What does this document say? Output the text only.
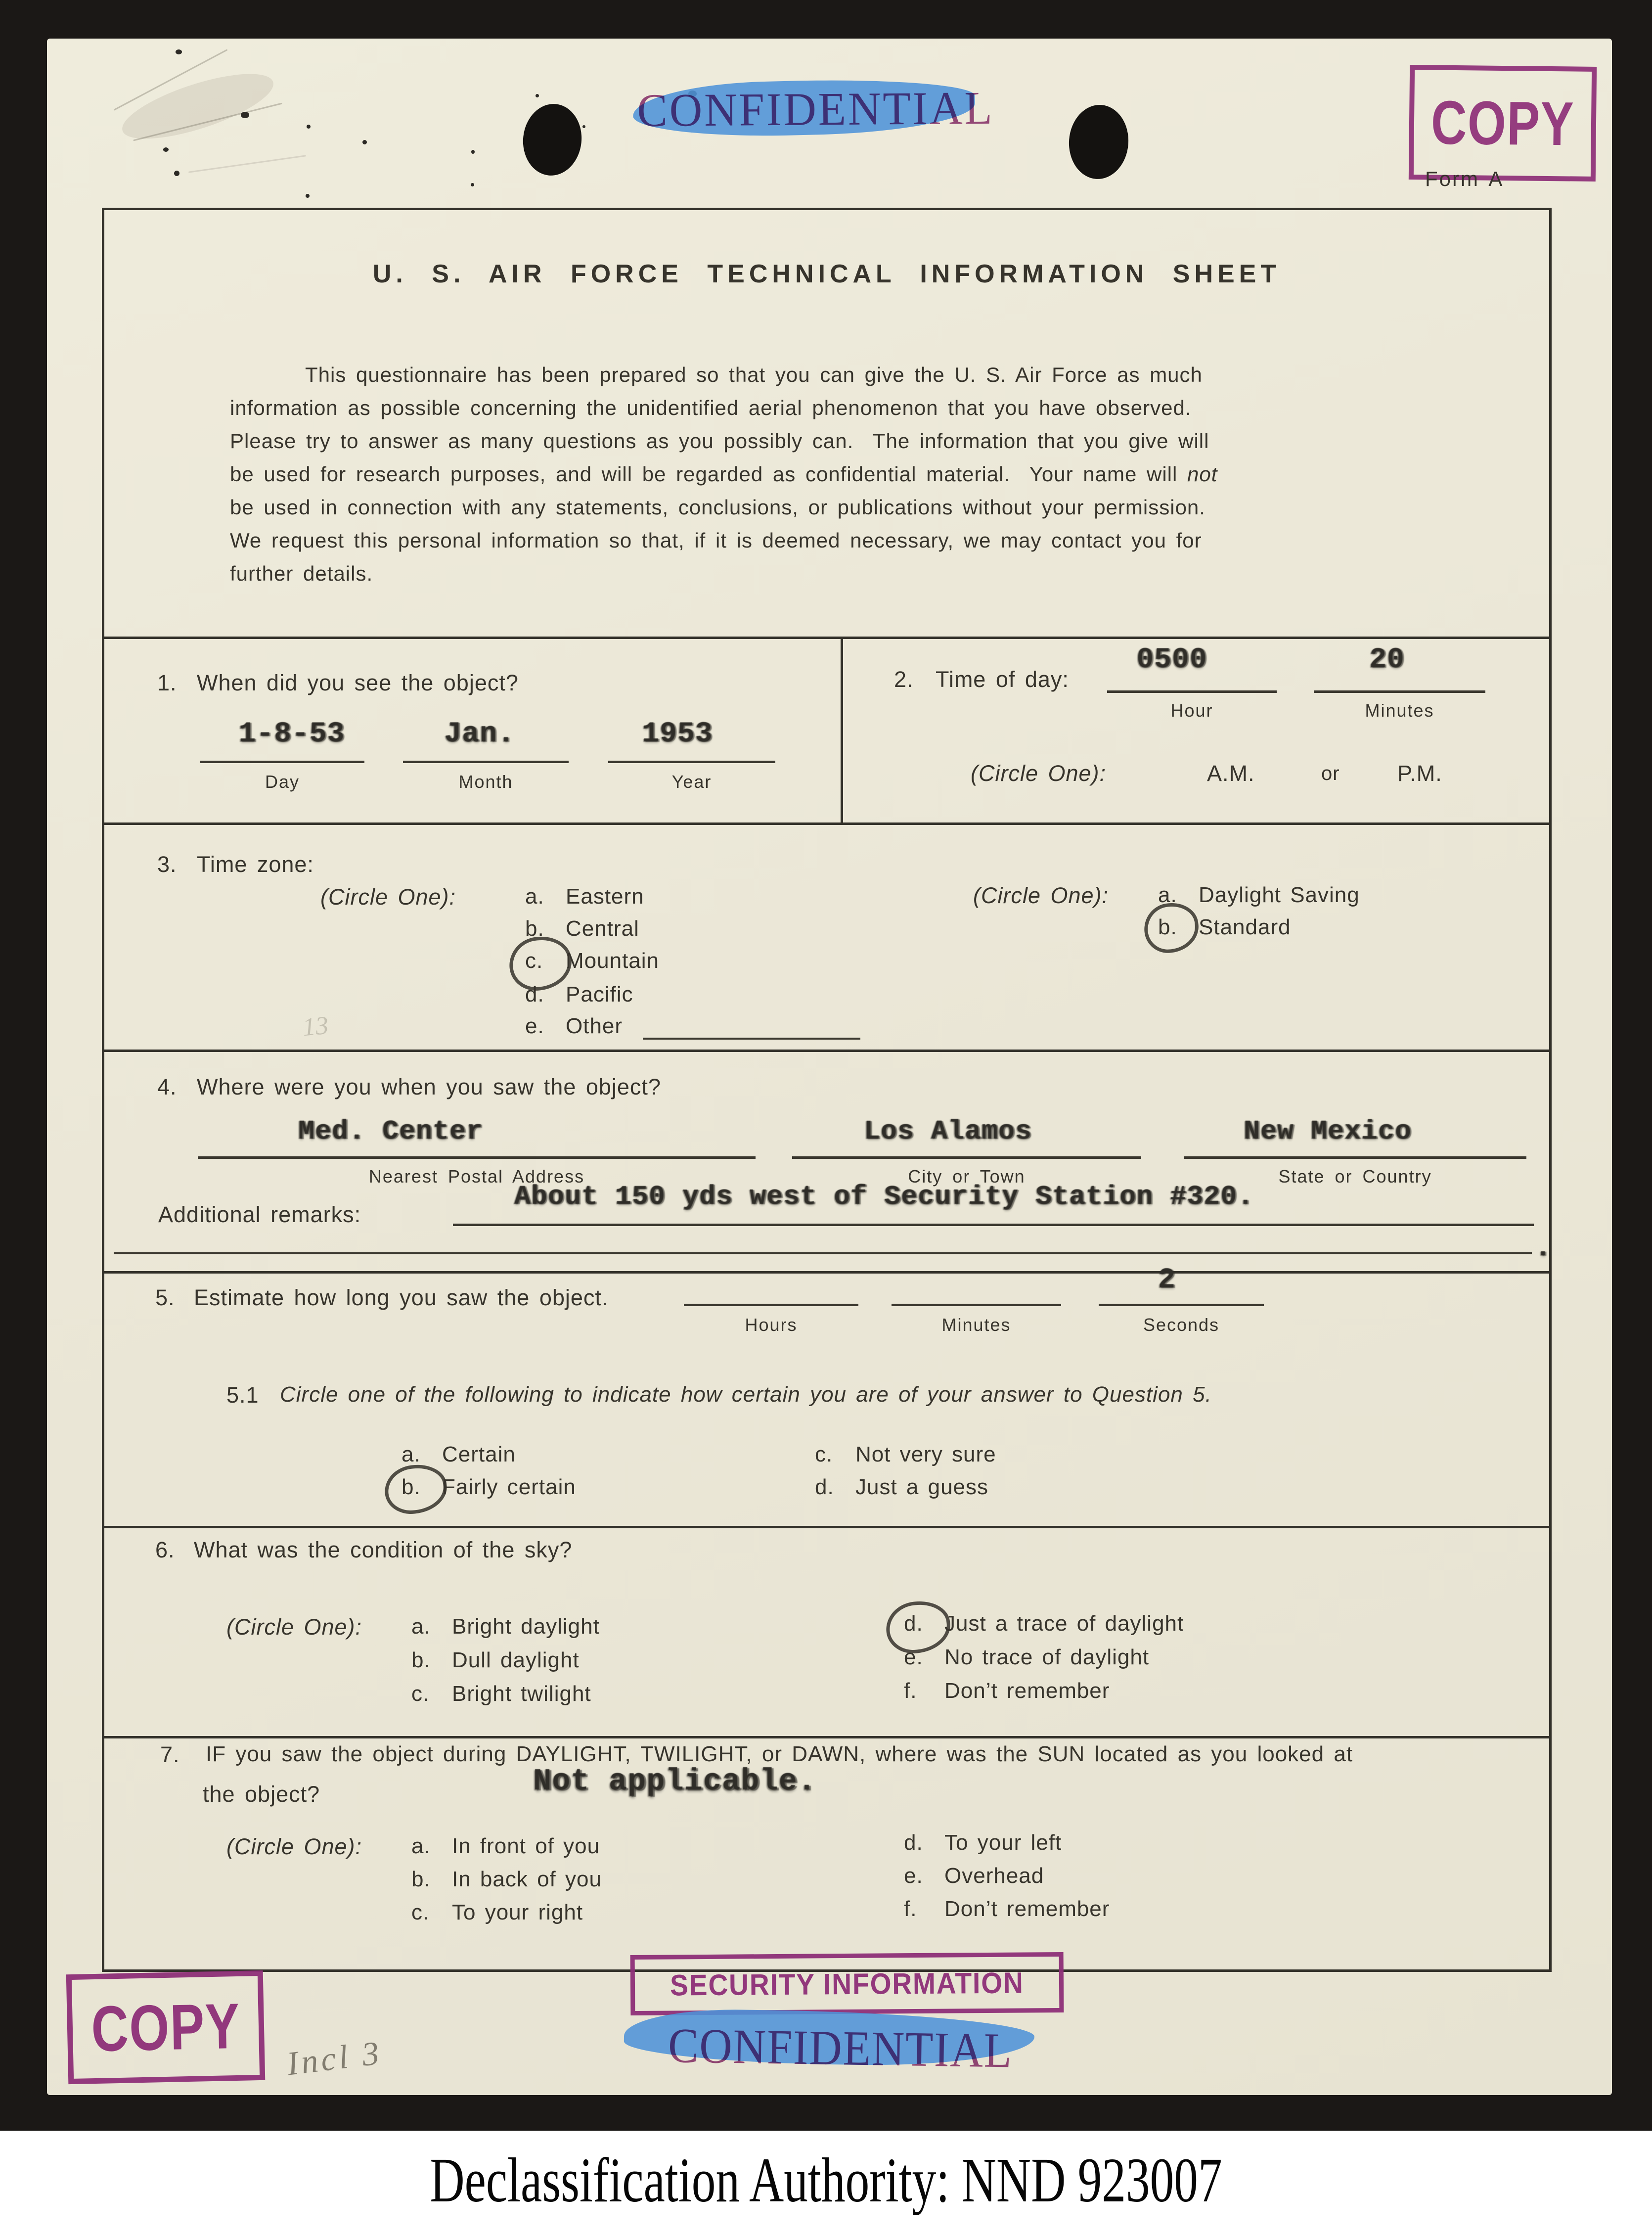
CONFIDENTIAL	COPY
Form A
U. S. AIR FORCE TECHNICAL INFORMATION SHEET
This questionnaire has been prepared so that you can give the U. S. Air Force as much
information as possible concerning the unidentified aerial phenomenon that you have observed.
Please try to answer as many questions as you possibly can.  The information that you give will
be used for research purposes, and will be regarded as confidential material.  Your name will not
be used in connection with any statements, conclusions, or publications without your permission.
We request this personal information so that, if it is deemed necessary, we may contact you for
further details.
1. When did you see the object?
1-8-53
Day
Jan.
Month
1953
Year
2. Time of day:
0500
Hour
20
Minutes
(Circle One):	A.M.	or	P.M.
3. Time zone:
(Circle One):	a. Eastern
b. Central
c.	Mountain
d. Pacific
e. Other
(Circle One): a. Daylight Saving
b. Standard
4. Where were you when you saw the object?
Med. Center
Nearest Postal Address
Los Alamos
City or Town
New Mexico
State or Country
About 150 yds west of Security Station #320.
Additional remarks:
.
5. Estimate how long you saw the object.
Hours	Minutes
2
Seconds
5.1 Circle one of the following to indicate how certain you are of your answer to Question 5.
a. Certain
b. Fairly certain
c.	Not very sure
d. Just a guess
6. What was the condition of the sky?
(Circle One): a. Bright daylight
b. Dull daylight
c.	Bright twilight
d. Just a trace of daylight
e. No trace of daylight
f.	Don’t remember
7. IF you saw the object during DAYLIGHT, TWILIGHT, or DAWN, where was the SUN located as you looked at
the object?	Not applicable.
(Circle One): a. In front of you
b. In back of you
c.	To your right
d. To your left
e. Overhead
f.	Don’t remember
COPY Incl 3
13
SECURITY INFORMATION
CONFIDENTIAL
Declassification Authority: NND 923007
